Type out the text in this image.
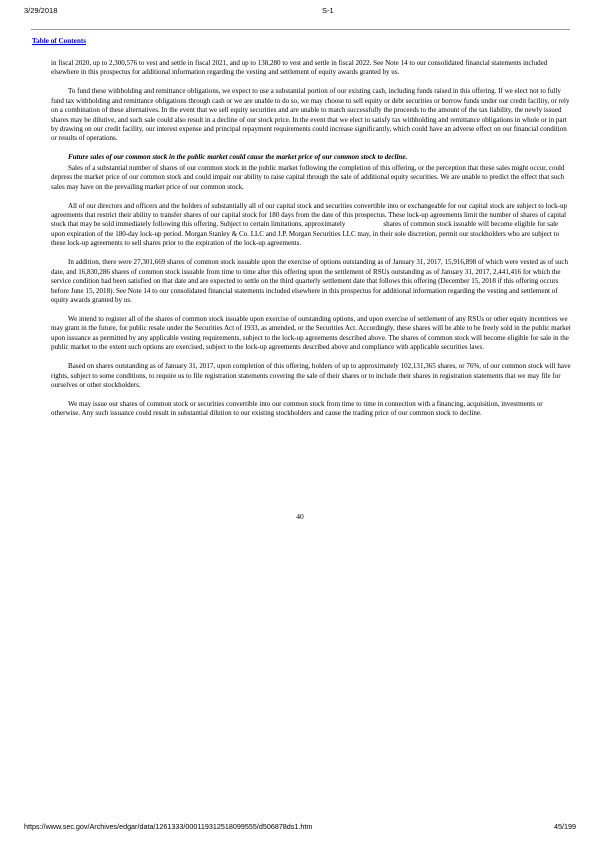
3/29/2018	S-1
Table of Contents

in fiscal 2020, up to 2,300,576 to vest and settle in fiscal 2021, and up to 138,280 to vest and settle in fiscal 2022. See Note 14 to our consolidated financial statements included elsewhere in this prospectus for additional information regarding the vesting and settlement of equity awards granted by us.

To fund these withholding and remittance obligations, we expect to use a substantial portion of our existing cash, including funds raised in this offering. If we elect not to fully fund tax withholding and remittance obligations through cash or we are unable to do so, we may choose to sell equity or debt securities or borrow funds under our credit facility, or rely on a combination of these alternatives. In the event that we sell equity securities and are unable to match successfully the proceeds to the amount of the tax liability, the newly issued shares may be dilutive, and such sale could also result in a decline of our stock price. In the event that we elect to satisfy tax withholding and remittance obligations in whole or in part by drawing on our credit facility, our interest expense and principal repayment requirements could increase significantly, which could have an adverse effect on our financial condition or results of operations.

Future sales of our common stock in the public market could cause the market price of our common stock to decline.

Sales of a substantial number of shares of our common stock in the public market following the completion of this offering, or the perception that these sales might occur, could depress the market price of our common stock and could impair our ability to raise capital through the sale of additional equity securities. We are unable to predict the effect that such sales may have on the prevailing market price of our common stock.

All of our directors and officers and the holders of substantially all of our capital stock and securities convertible into or exchangeable for our capital stock are subject to lock-up agreements that restrict their ability to transfer shares of our capital stock for 180 days from the date of this prospectus. These lock-up agreements limit the number of shares of capital stock that may be sold immediately following this offering. Subject to certain limitations, approximately	shares of common stock issuable will become eligible for sale upon expiration of the 180-day lock-up period. Morgan Stanley & Co. LLC and J.P. Morgan Securities LLC may, in their sole discretion, permit our stockholders who are subject to these lock-up agreements to sell shares prior to the expiration of the lock-up agreements.

In addition, there were 27,301,669 shares of common stock issuable upon the exercise of options outstanding as of January 31, 2017, 15,916,898 of which were vested as of such date, and 16,830,286 shares of common stock issuable from time to time after this offering upon the settlement of RSUs outstanding as of January 31, 2017, 2,441,416 for which the service condition had been satisfied on that date and are expected to settle on the third quarterly settlement date that follows this offering (December 15, 2018 if this offering occurs before June 15, 2018). See Note 14 to our consolidated financial statements included elsewhere in this prospectus for additional information regarding the vesting and settlement of equity awards granted by us.

We intend to register all of the shares of common stock issuable upon exercise of outstanding options, and upon exercise of settlement of any RSUs or other equity incentives we may grant in the future, for public resale under the Securities Act of 1933, as amended, or the Securities Act. Accordingly, these shares will be able to be freely sold in the public market upon issuance as permitted by any applicable vesting requirements, subject to the lock-up agreements described above. The shares of common stock will become eligible for sale in the public market to the extent such options are exercised, subject to the lock-up agreements described above and compliance with applicable securities laws.

Based on shares outstanding as of January 31, 2017, upon completion of this offering, holders of up to approximately 102,131,365 shares, or 76%, of our common stock will have rights, subject to some conditions, to require us to file registration statements covering the sale of their shares or to include their shares in registration statements that we may file for ourselves or other stockholders.

We may issue our shares of common stock or securities convertible into our common stock from time to time in connection with a financing, acquisition, investments or otherwise. Any such issuance could result in substantial dilution to our existing stockholders and cause the trading price of our common stock to decline.

40
https://www.sec.gov/Archives/edgar/data/1261333/000119312518099555/d506878ds1.htm	45/199
